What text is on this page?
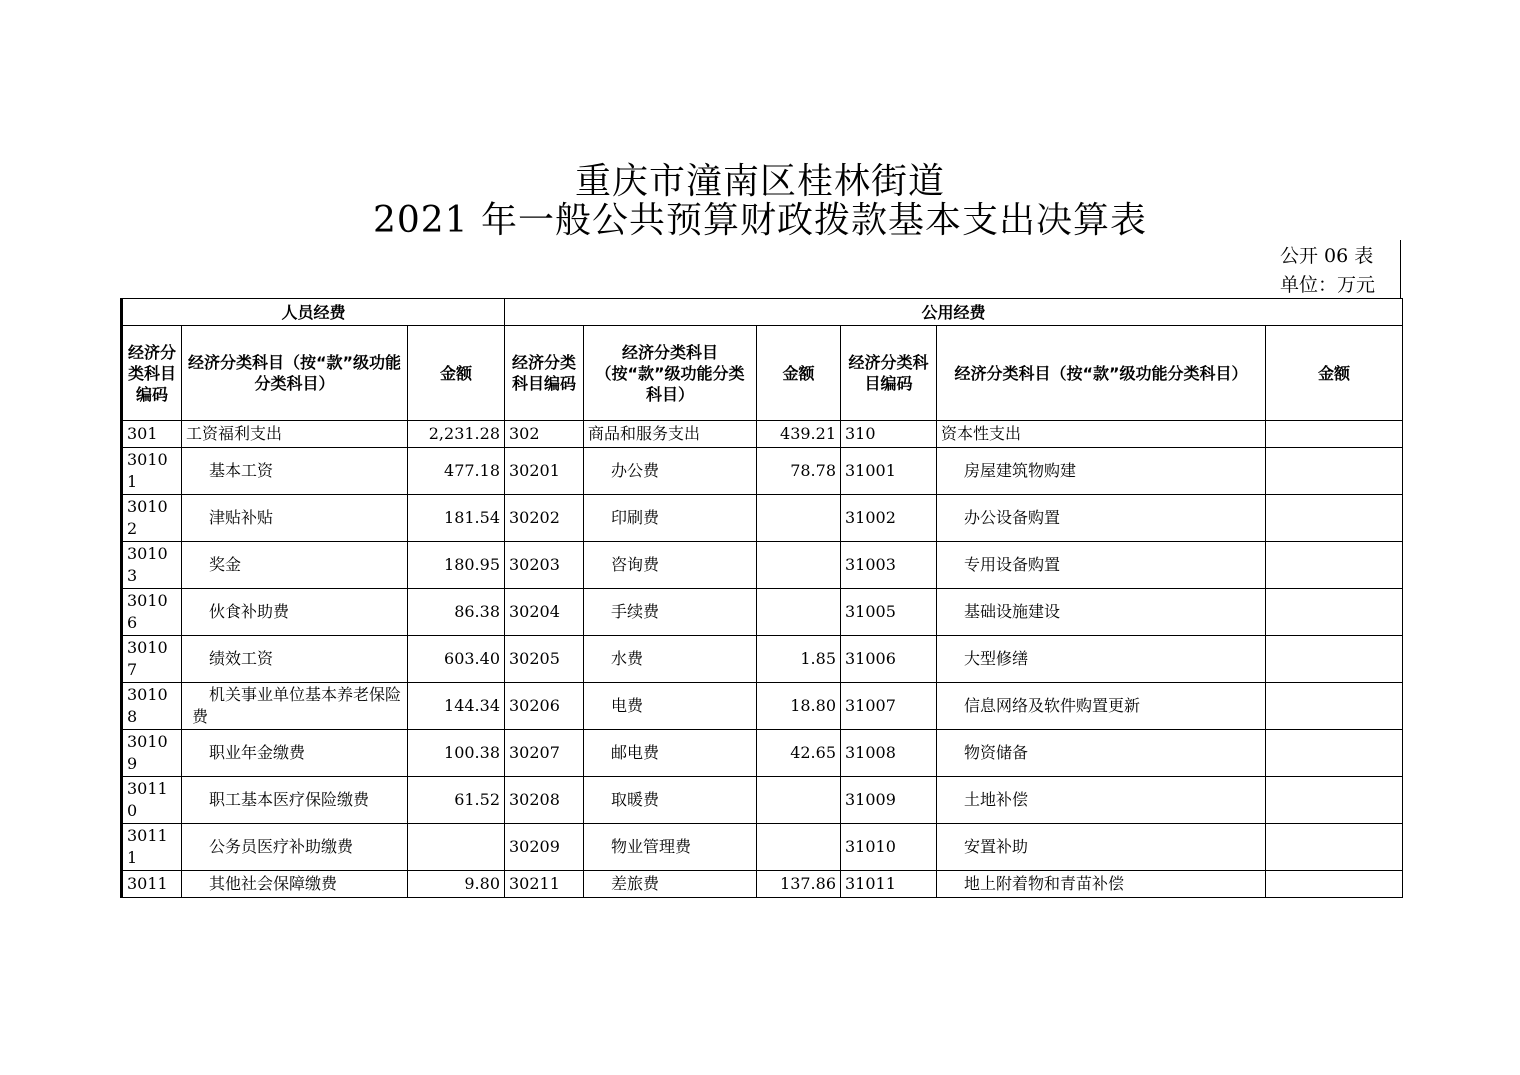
重庆市潼南区桂林街道
2021 年一般公共预算财政拨款基本支出决算表
公开 06 表
单位：万元
人员经费			公用经费					
经济分类科目编码	经济分类科目（按“款”级功能分类科目）	金额	经济分类科目编码	经济分类科目（按“款”级功能分类科目）	金额	经济分类科目编码	经济分类科目（按“款”级功能分类科目）	金额
301	工资福利支出	2,231.28	302	商品和服务支出	439.21	310	资本性支出	
30101	基本工资	477.18	30201	办公费	78.78	31001	房屋建筑物购建	
30102	津贴补贴	181.54	30202	印刷费		31002	办公设备购置	
30103	奖金	180.95	30203	咨询费		31003	专用设备购置	
30106	伙食补助费	86.38	30204	手续费		31005	基础设施建设	
30107	绩效工资	603.40	30205	水费	1.85	31006	大型修缮	
30108	机关事业单位基本养老保险费	144.34	30206	电费	18.80	31007	信息网络及软件购置更新	
30109	职业年金缴费	100.38	30207	邮电费	42.65	31008	物资储备	
30110	职工基本医疗保险缴费	61.52	30208	取暖费		31009	土地补偿	
30111	公务员医疗补助缴费		30209	物业管理费		31010	安置补助	
3011	其他社会保障缴费	9.80	30211	差旅费	137.86	31011	地上附着物和青苗补偿	
